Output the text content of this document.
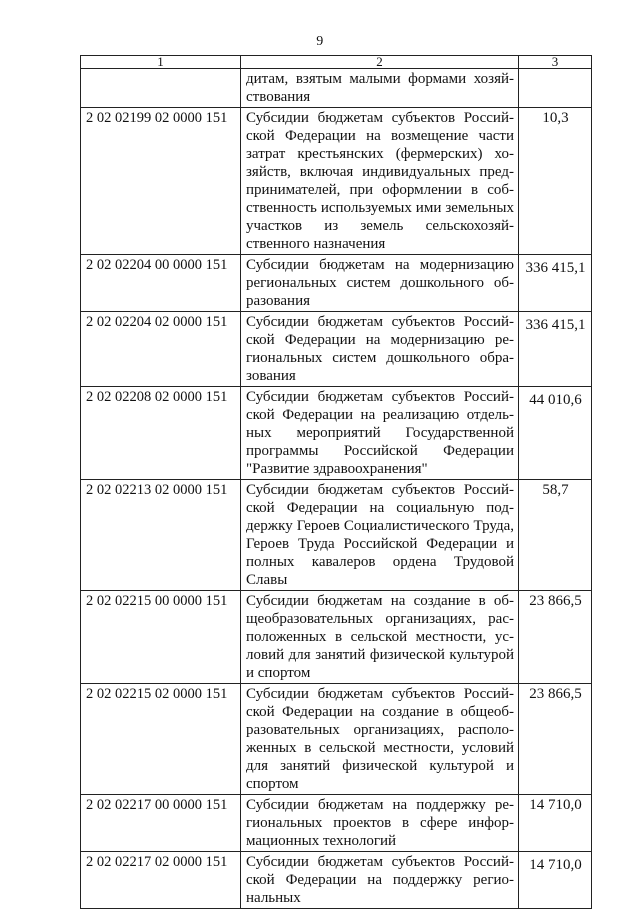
9
1	2	3
	дитам, взятым малыми формами хозяйствования	
2 02 02199 02 0000 151	Субсидии бюджетам субъектов Российской Федерации на возмещение части затрат крестьянских (фермерских) хозяйств, включая индивидуальных предпринимателей, при оформлении в собственность используемых ими земельных участков из земель сельскохозяйственного назначения	10,3
2 02 02204 00 0000 151	Субсидии бюджетам на модернизацию региональных систем дошкольного образования	336 415,1
2 02 02204 02 0000 151	Субсидии бюджетам субъектов Российской Федерации на модернизацию региональных систем дошкольного образования	336 415,1
2 02 02208 02 0000 151	Субсидии бюджетам субъектов Российской Федерации на реализацию отдельных мероприятий Государственной программы Российской Федерации "Развитие здравоохранения"	44 010,6
2 02 02213 02 0000 151	Субсидии бюджетам субъектов Российской Федерации на социальную поддержку Героев Социалистического Труда, Героев Труда Российской Федерации и полных кавалеров ордена Трудовой Славы	58,7
2 02 02215 00 0000 151	Субсидии бюджетам на создание в общеобразовательных организациях, расположенных в сельской местности, условий для занятий физической культурой и спортом	23 866,5
2 02 02215 02 0000 151	Субсидии бюджетам субъектов Российской Федерации на создание в общеобразовательных организациях, расположенных в сельской местности, условий для занятий физической культурой и спортом	23 866,5
2 02 02217 00 0000 151	Субсидии бюджетам на поддержку региональных проектов в сфере информационных технологий	14 710,0
2 02 02217 02 0000 151	Субсидии бюджетам субъектов Российской Федерации на поддержку региональных	14 710,0
